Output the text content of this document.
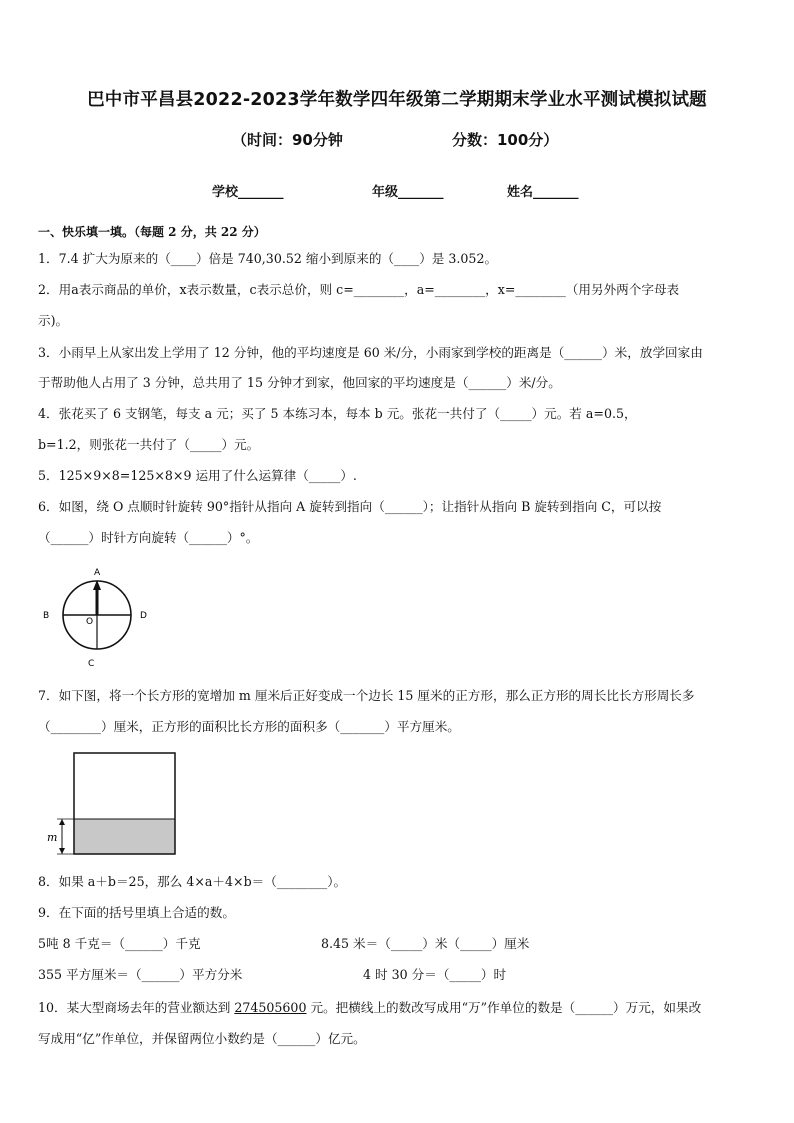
巴中市平昌县2022-2023学年数学四年级第二学期期末学业水平测试模拟试题
（时间：90分钟	分数：100分）
学校_______	年级_______	姓名_______
一、快乐填一填。（每题 2 分，共 22 分）
1．7.4 扩大为原来的（____）倍是 740,30.52 缩小到原来的（____）是 3.052。
2．用a表示商品的单价，x表示数量，c表示总价，则 c=________，a=________，x=________（用另外两个字母表
示)。
3．小雨早上从家出发上学用了 12 分钟，他的平均速度是 60 米/分，小雨家到学校的距离是（______）米，放学回家由
于帮助他人占用了 3 分钟，总共用了 15 分钟才到家，他回家的平均速度是（______）米/分。
4．张花买了 6 支钢笔，每支 a 元；买了 5 本练习本，每本 b 元。张花一共付了（_____）元。若 a=0.5，
b=1.2，则张花一共付了（_____）元。
5．125×9×8=125×8×9 运用了什么运算律（_____）.
6．如图，绕 O 点顺时针旋转 90°指针从指向 A 旋转到指向（______）；让指针从指向 B 旋转到指向 C，可以按
（______）时针方向旋转（______）°。
A
B	D
C
O
7．如下图，将一个长方形的宽增加 m 厘米后正好变成一个边长 15 厘米的正方形，那么正方形的周长比长方形周长多
（________）厘米，正方形的面积比长方形的面积多（_______）平方厘米。
m
8．如果 a＋b＝25，那么 4×a＋4×b＝（________）。
9．在下面的括号里填上合适的数。
5吨 8 千克＝（______）千克	8.45 米＝（_____）米（_____）厘米
355 平方厘米＝（______）平方分米	4 时 30 分＝（_____）时
10．某大型商场去年的营业额达到 274505600 元。把横线上的数改写成用“万”作单位的数是（______）万元，如果改
写成用“亿”作单位，并保留两位小数约是（______）亿元。
